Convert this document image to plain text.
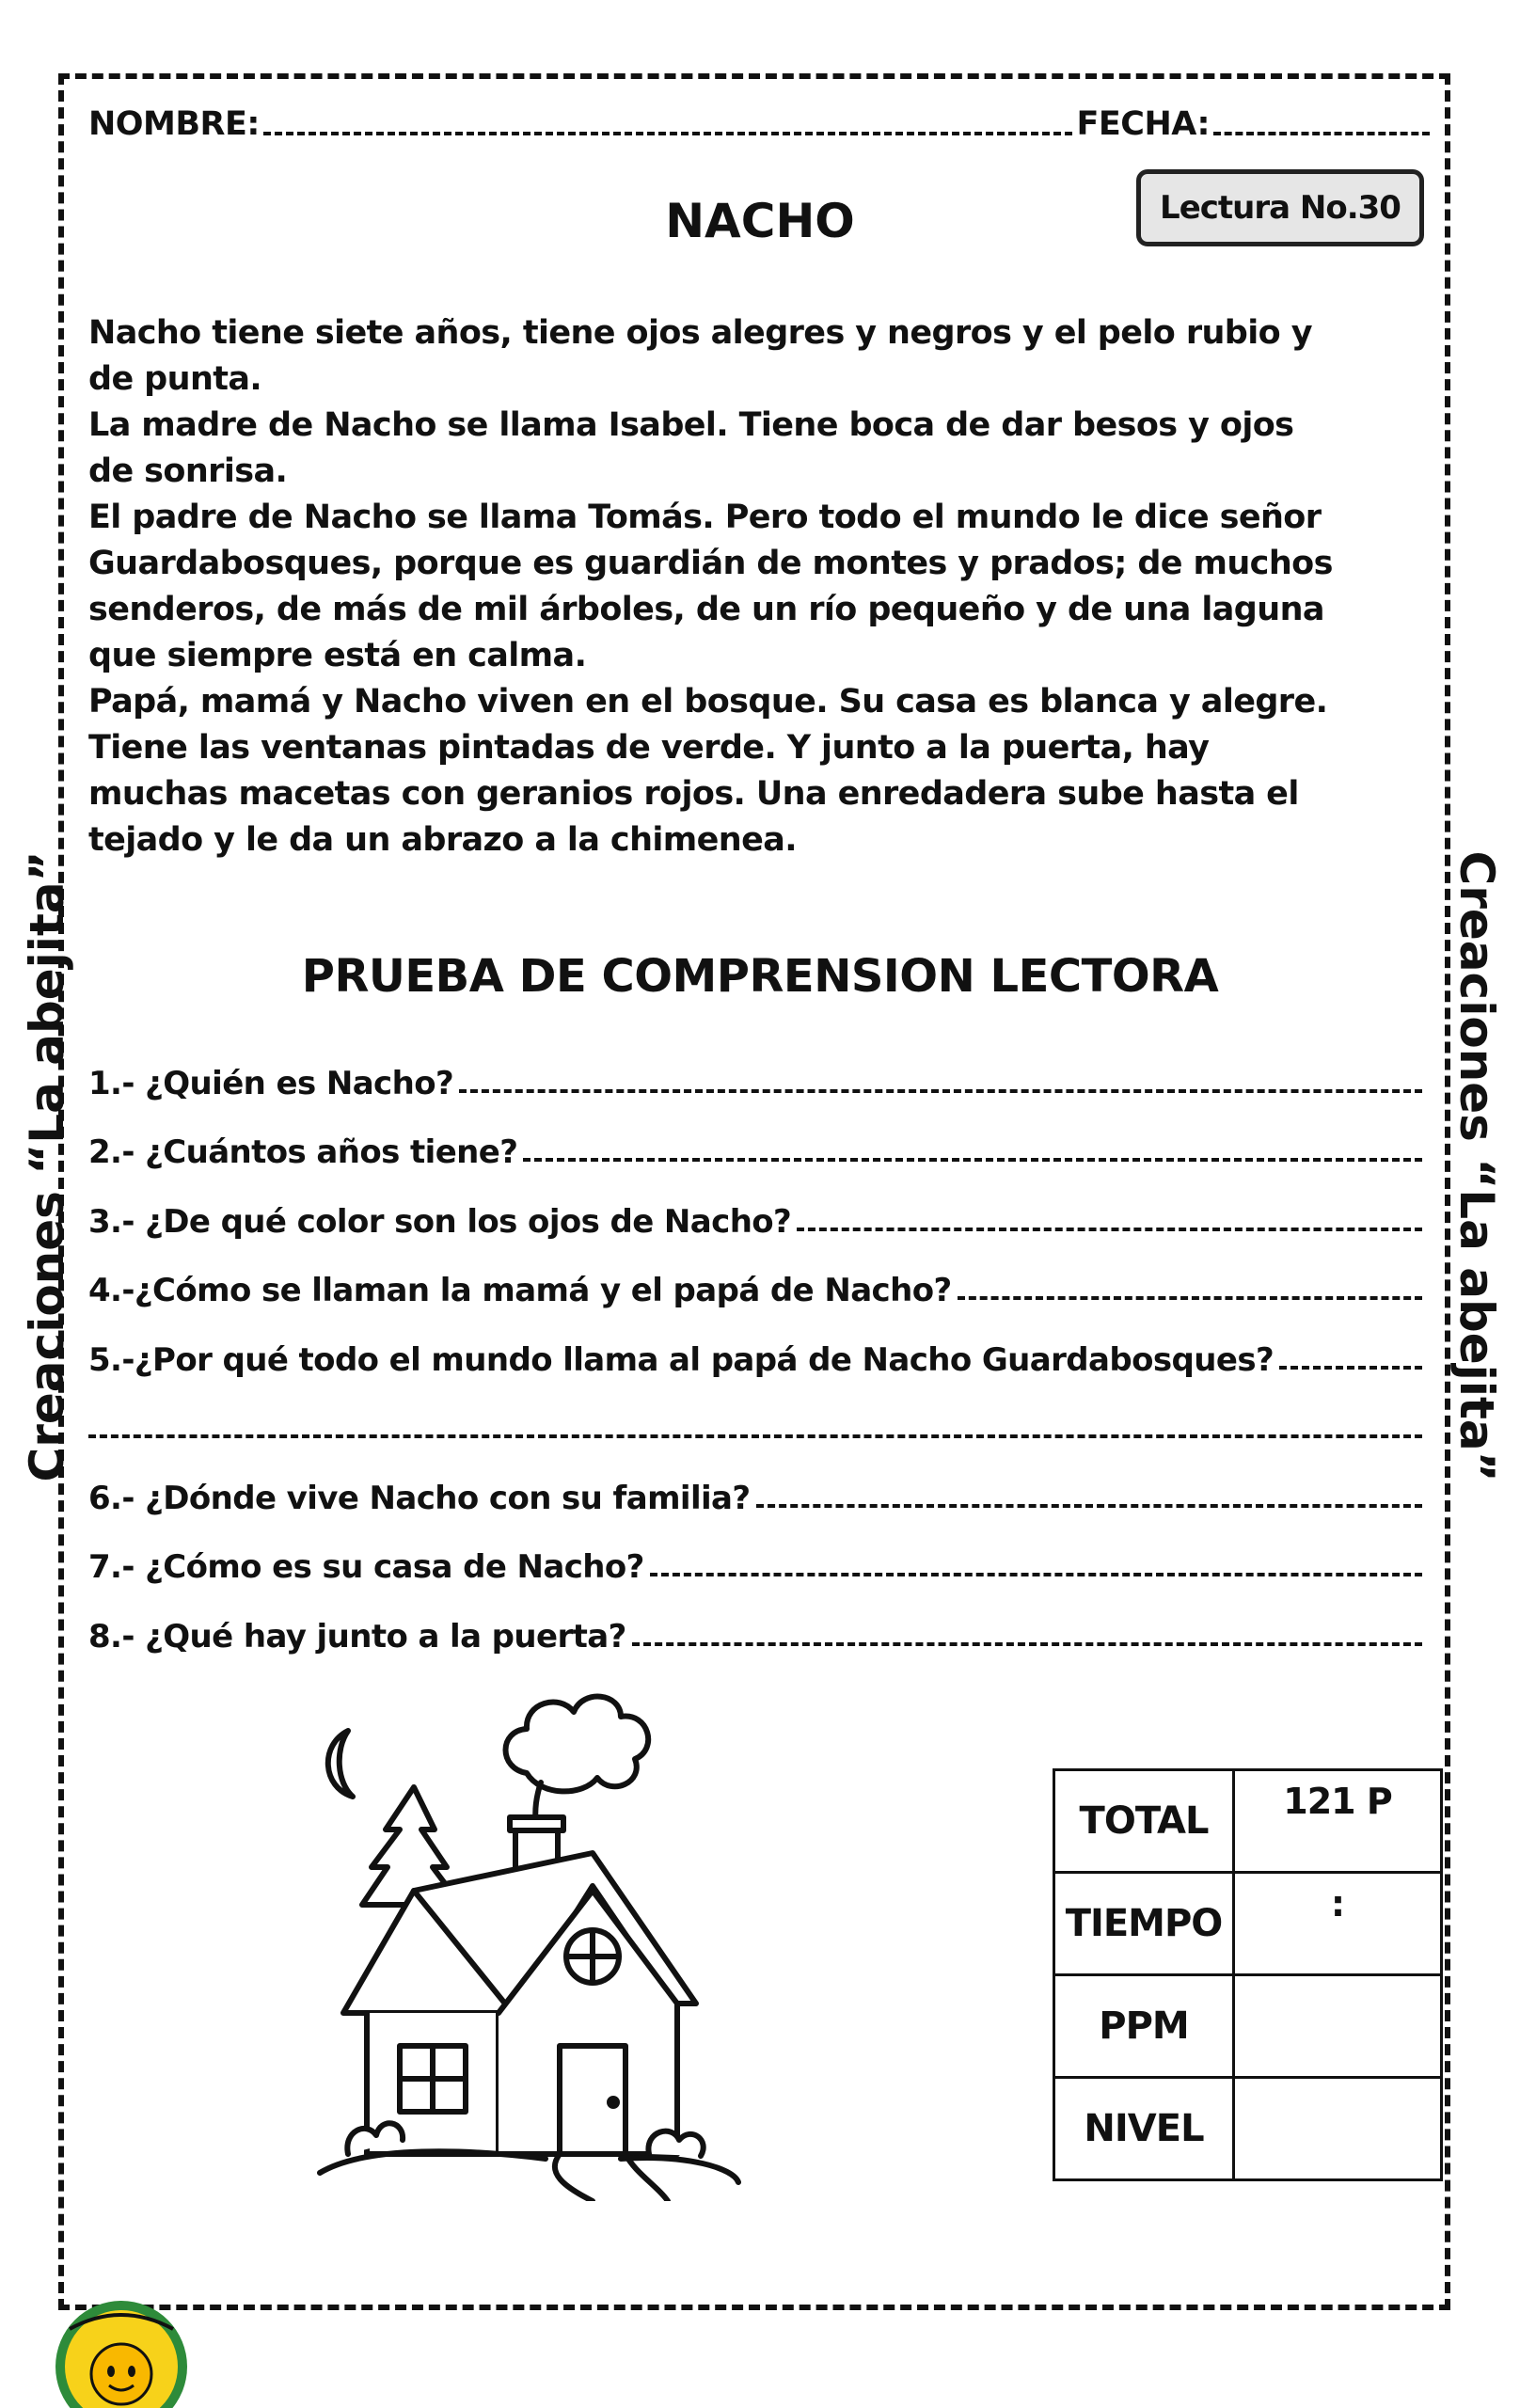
Creaciones “La abejita”	Creaciones “La abejita”
NOMBRE:	FECHA:
NACHO	Lectura No.30

Nacho tiene siete años, tiene ojos alegres y negros y el pelo rubio y de punta.

La madre de Nacho se llama Isabel. Tiene boca de dar besos y ojos de sonrisa.

El padre de Nacho se llama Tomás. Pero todo el mundo le dice señor Guardabosques, porque es guardián de montes y prados; de muchos senderos, de más de mil árboles, de un río pequeño y de una laguna que siempre está en calma.

Papá, mamá y Nacho viven en el bosque. Su casa es blanca y alegre. Tiene las ventanas pintadas de verde. Y junto a la puerta, hay muchas macetas con geranios rojos. Una enredadera sube hasta el tejado y le da un abrazo a la chimenea.

PRUEBA DE COMPRENSION LECTORA
1.- ¿Quién es Nacho?
2.- ¿Cuántos años tiene?
3.- ¿De qué color son los ojos de Nacho?
4.-¿Cómo se llaman la mamá y el papá de Nacho?
5.-¿Por qué todo el mundo llama al papá de Nacho Guardabosques?
6.- ¿Dónde vive Nacho con su familia?
7.- ¿Cómo es su casa de Nacho?
8.- ¿Qué hay junto a la puerta?
TOTAL	121 P
TIEMPO	:
PPM	
NIVEL	
